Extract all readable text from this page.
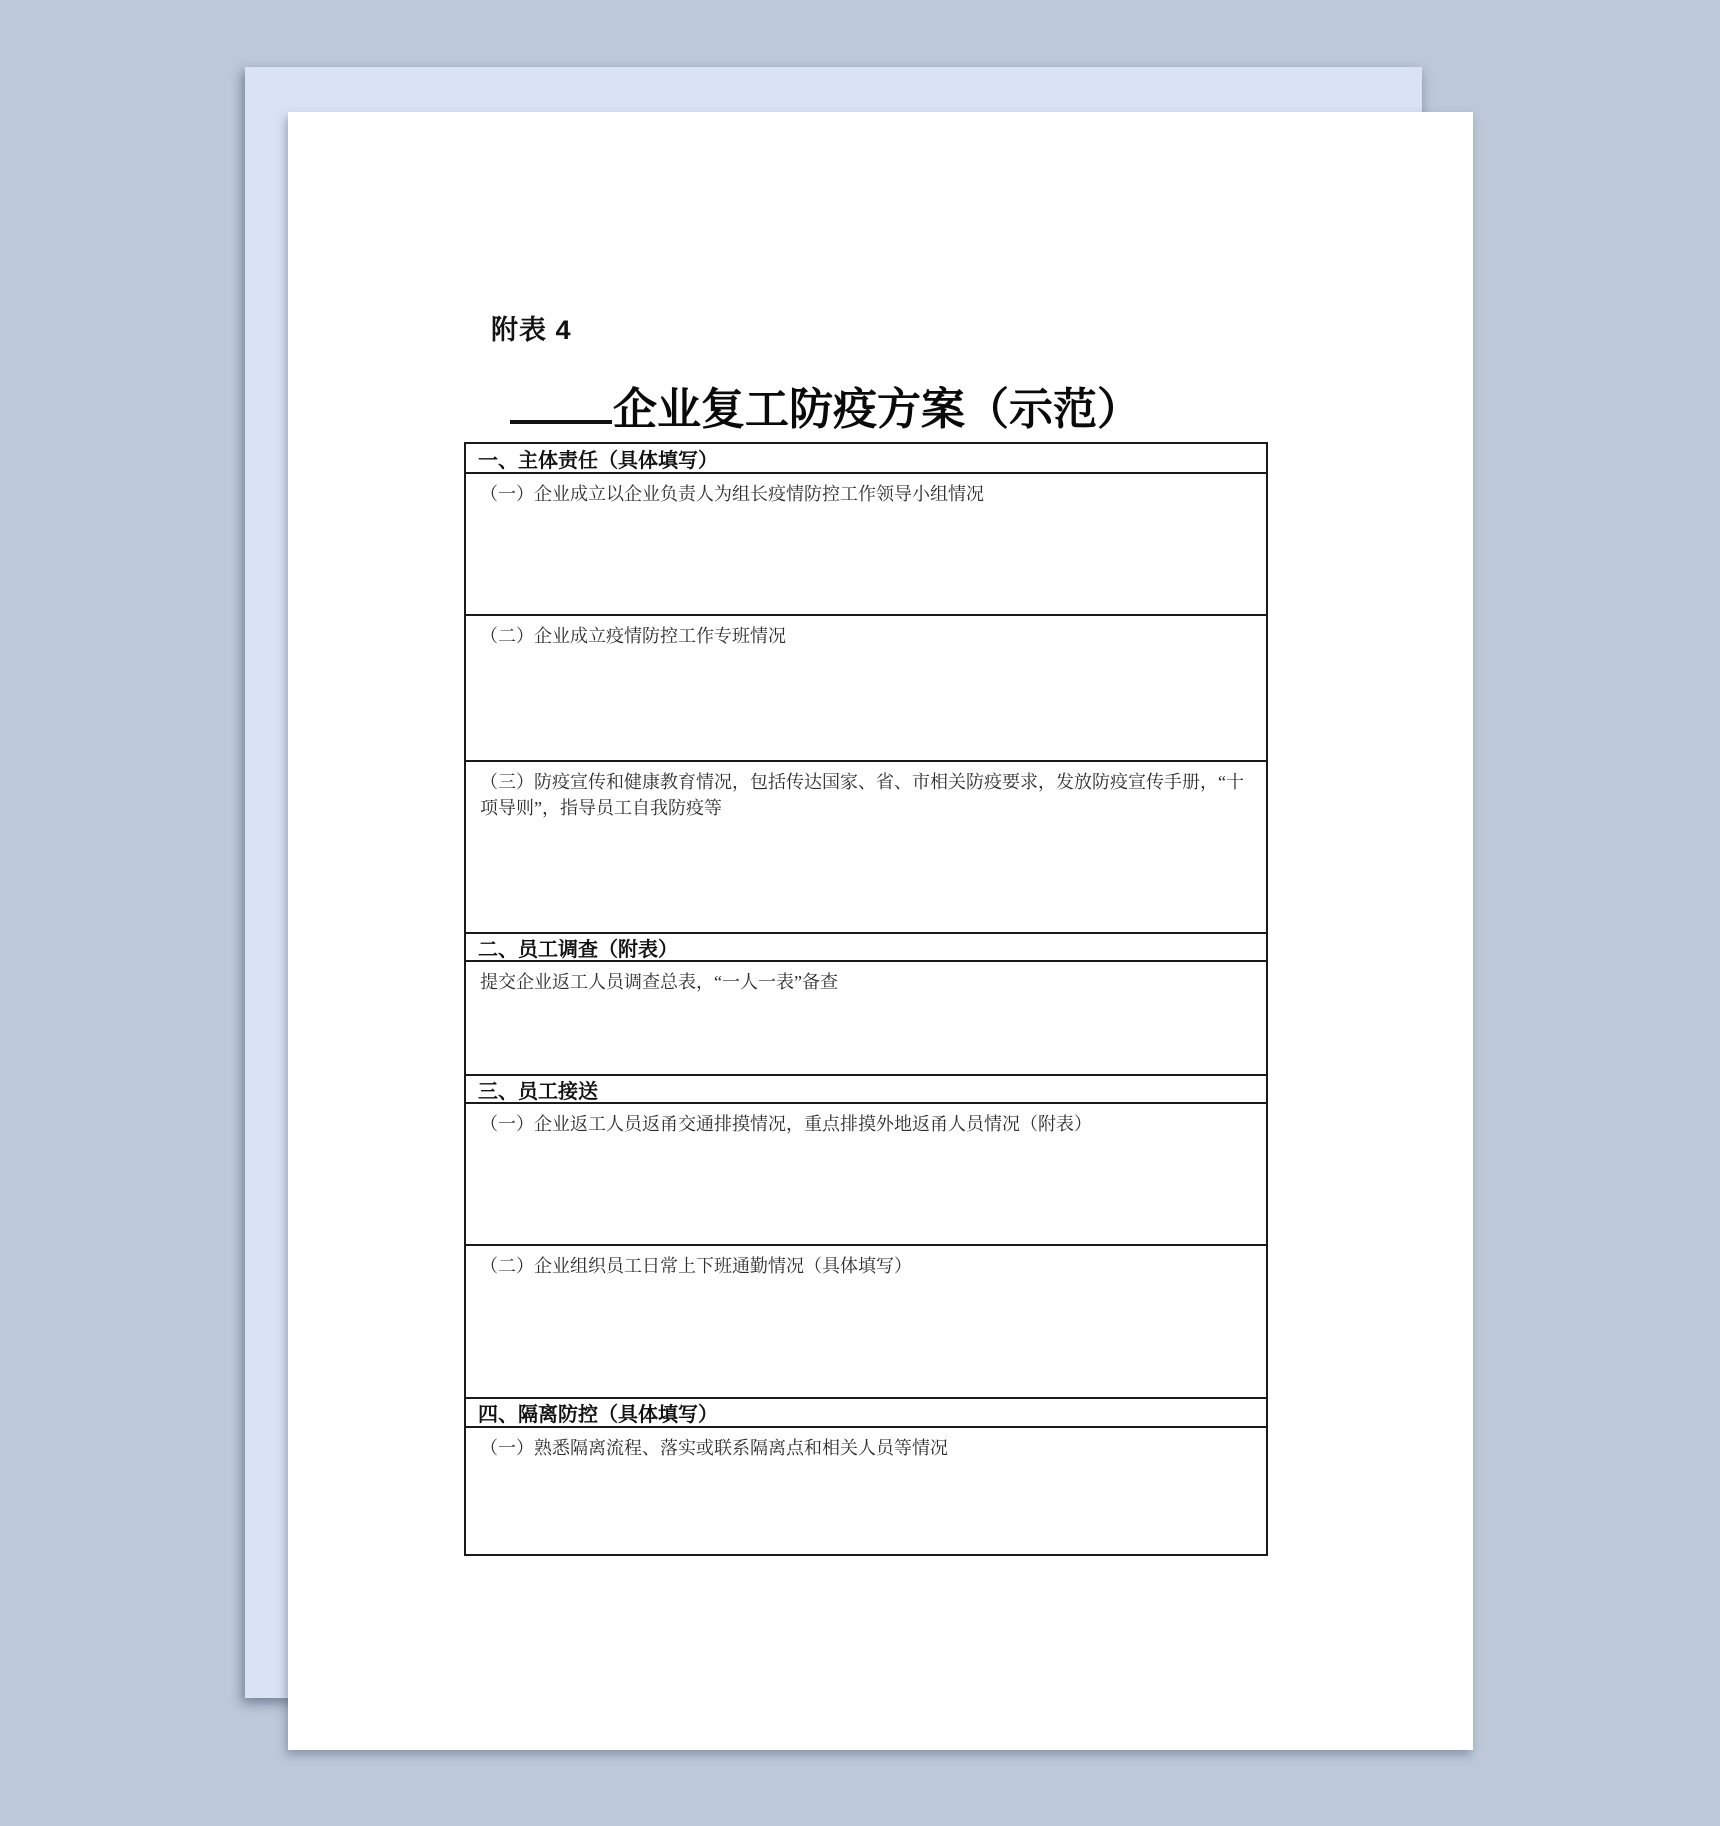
附表 4
企业复工防疫方案（示范）
一、主体责任（具体填写）
（一）企业成立以企业负责人为组长疫情防控工作领导小组情况
（二）企业成立疫情防控工作专班情况
（三）防疫宣传和健康教育情况，包括传达国家、省、市相关防疫要求，发放防疫宣传手册，“十项导则”，指导员工自我防疫等
二、员工调查（附表）
提交企业返工人员调查总表，“一人一表”备查
三、员工接送
（一）企业返工人员返甬交通排摸情况，重点排摸外地返甬人员情况（附表）
（二）企业组织员工日常上下班通勤情况（具体填写）
四、隔离防控（具体填写）
（一）熟悉隔离流程、落实或联系隔离点和相关人员等情况
